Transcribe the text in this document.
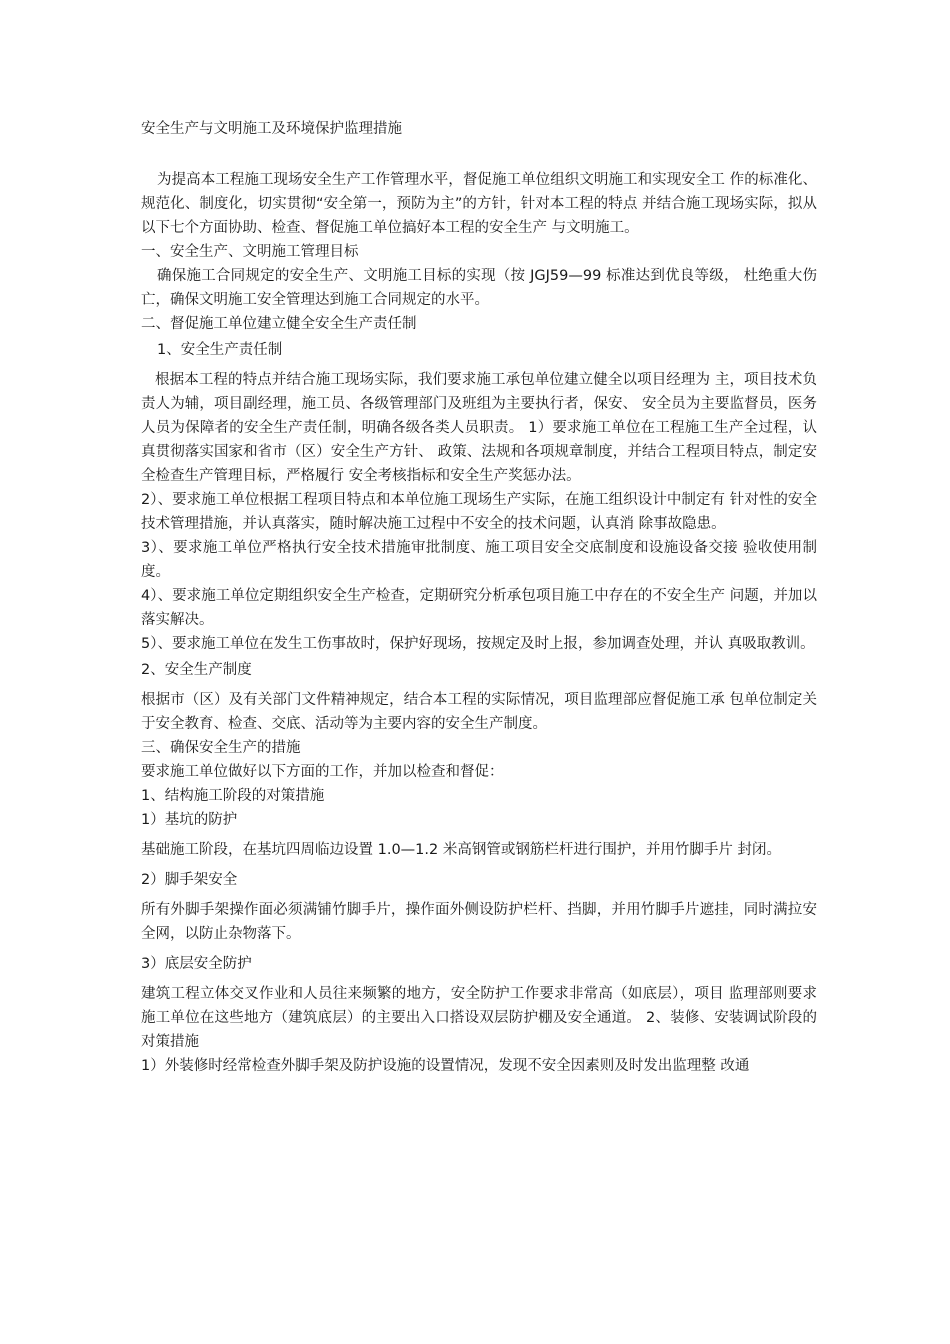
安全生产与文明施工及环境保护监理措施

为提高本工程施工现场安全生产工作管理水平，督促施工单位组织文明施工和实现安全工 作的标准化、规范化、制度化，切实贯彻“安全第一，预防为主”的方针，针对本工程的特点 并结合施工现场实际，拟从以下七个方面协助、检查、督促施工单位搞好本工程的安全生产 与文明施工。

一、安全生产、文明施工管理目标

确保施工合同规定的安全生产、文明施工目标的实现（按 JGJ59—99 标准达到优良等级， 杜绝重大伤亡，确保文明施工安全管理达到施工合同规定的水平。

二、督促施工单位建立健全安全生产责任制

1、安全生产责任制

根据本工程的特点并结合施工现场实际，我们要求施工承包单位建立健全以项目经理为 主，项目技术负责人为辅，项目副经理，施工员、各级管理部门及班组为主要执行者，保安、 安全员为主要监督员，医务人员为保障者的安全生产责任制，明确各级各类人员职责。 1）要求施工单位在工程施工生产全过程，认真贯彻落实国家和省市（区）安全生产方针、 政策、法规和各项规章制度，并结合工程项目特点，制定安全检查生产管理目标，严格履行 安全考核指标和安全生产奖惩办法。

2）、要求施工单位根据工程项目特点和本单位施工现场生产实际，在施工组织设计中制定有 针对性的安全技术管理措施，并认真落实，随时解决施工过程中不安全的技术问题，认真消 除事故隐患。

3）、要求施工单位严格执行安全技术措施审批制度、施工项目安全交底制度和设施设备交接 验收使用制度。

4）、要求施工单位定期组织安全生产检查，定期研究分析承包项目施工中存在的不安全生产 问题，并加以落实解决。

5）、要求施工单位在发生工伤事故时，保护好现场，按规定及时上报，参加调查处理，并认 真吸取教训。

2、安全生产制度

根据市（区）及有关部门文件精神规定，结合本工程的实际情况，项目监理部应督促施工承 包单位制定关于安全教育、检查、交底、活动等为主要内容的安全生产制度。

三、确保安全生产的措施

要求施工单位做好以下方面的工作，并加以检查和督促：

1、结构施工阶段的对策措施

1）基坑的防护

基础施工阶段，在基坑四周临边设置 1.0—1.2 米高钢管或钢筋栏杆进行围护，并用竹脚手片 封闭。

2）脚手架安全

所有外脚手架操作面必须满铺竹脚手片，操作面外侧设防护栏杆、挡脚，并用竹脚手片遮挂，同时满拉安全网，以防止杂物落下。

3）底层安全防护

建筑工程立体交叉作业和人员往来频繁的地方，安全防护工作要求非常高（如底层），项目 监理部则要求施工单位在这些地方（建筑底层）的主要出入口搭设双层防护棚及安全通道。 2、装修、安装调试阶段的对策措施

1）外装修时经常检查外脚手架及防护设施的设置情况，发现不安全因素则及时发出监理整 改通
